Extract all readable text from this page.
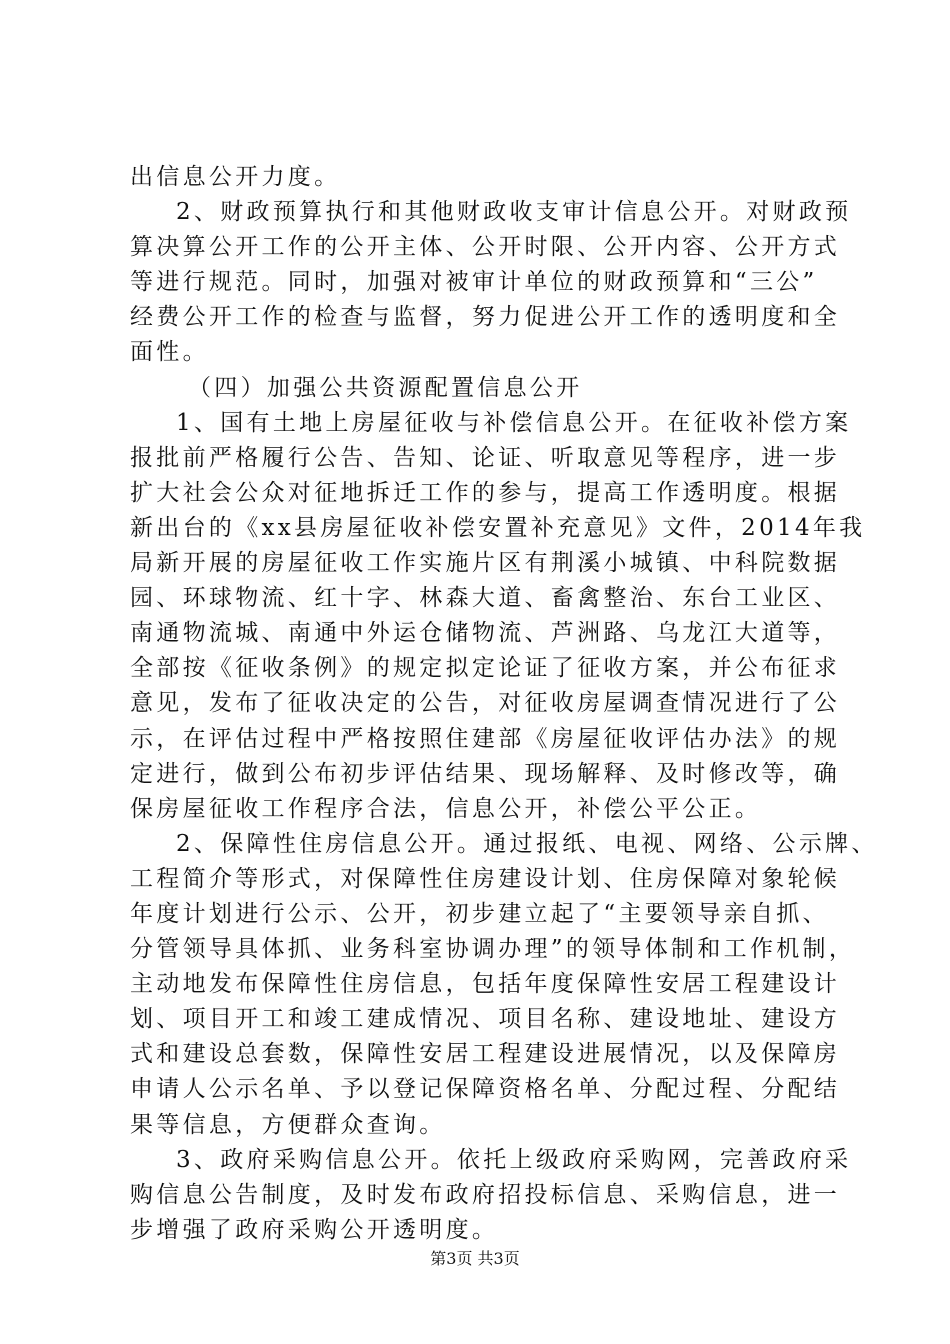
出信息公开力度。
2、财政预算执行和其他财政收支审计信息公开。对财政预
算决算公开工作的公开主体、公开时限、公开内容、公开方式
等进行规范。同时，加强对被审计单位的财政预算和“三公”
经费公开工作的检查与监督，努力促进公开工作的透明度和全
面性。
（四）加强公共资源配置信息公开
1、国有土地上房屋征收与补偿信息公开。在征收补偿方案
报批前严格履行公告、告知、论证、听取意见等程序，进一步
扩大社会公众对征地拆迁工作的参与，提高工作透明度。根据
新出台的《xx县房屋征收补偿安置补充意见》文件，2014年我
局新开展的房屋征收工作实施片区有荆溪小城镇、中科院数据
园、环球物流、红十字、林森大道、畜禽整治、东台工业区、
南通物流城、南通中外运仓储物流、芦洲路、乌龙江大道等，
全部按《征收条例》的规定拟定论证了征收方案，并公布征求
意见，发布了征收决定的公告，对征收房屋调查情况进行了公
示，在评估过程中严格按照住建部《房屋征收评估办法》的规
定进行，做到公布初步评估结果、现场解释、及时修改等，确
保房屋征收工作程序合法，信息公开，补偿公平公正。
2、保障性住房信息公开。通过报纸、电视、网络、公示牌、
工程简介等形式，对保障性住房建设计划、住房保障对象轮候
年度计划进行公示、公开，初步建立起了“主要领导亲自抓、
分管领导具体抓、业务科室协调办理”的领导体制和工作机制，
主动地发布保障性住房信息，包括年度保障性安居工程建设计
划、项目开工和竣工建成情况、项目名称、建设地址、建设方
式和建设总套数，保障性安居工程建设进展情况，以及保障房
申请人公示名单、予以登记保障资格名单、分配过程、分配结
果等信息，方便群众查询。
3、政府采购信息公开。依托上级政府采购网，完善政府采
购信息公告制度，及时发布政府招投标信息、采购信息，进一
步增强了政府采购公开透明度。
第3页 共3页
